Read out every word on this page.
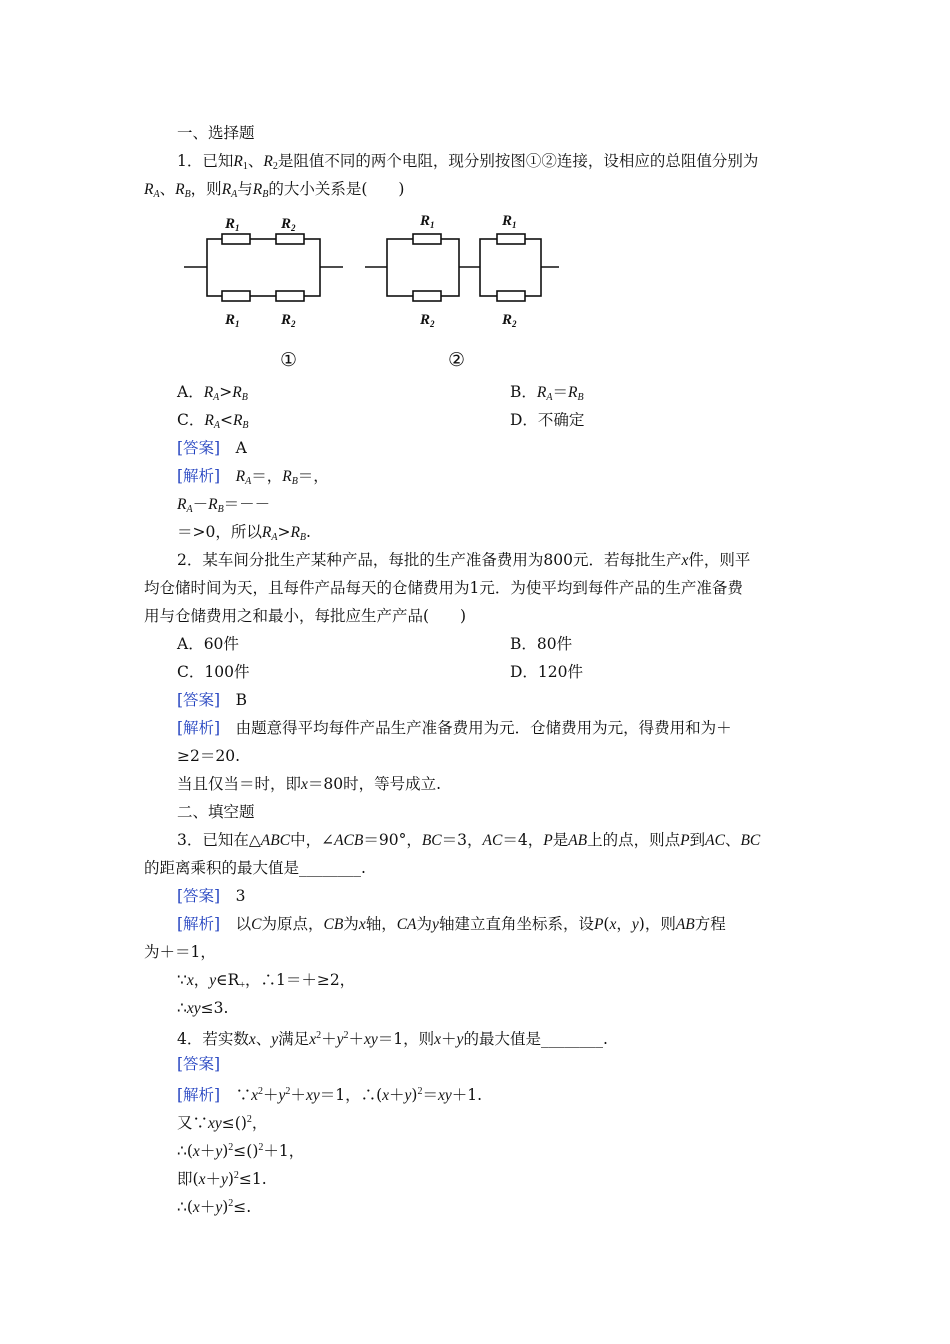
一、选择题
1．已知R1、R2是阻值不同的两个电阻，现分别按图①②连接，设相应的总阻值分别为
$R_A$、$R_B$，则$R_A$与$R_B$的大小关系是(　　)
$R_1$	$R_2$
$R_1$	$R_2$
$R_1$
$R_2$
$R_1$
$R_2$
①	②
A．$R_A>R_B$	B．$R_A=R_B$
C．$R_A<R_B$	D．不确定
[答案]　 A
[解析]　 $R_A=$，$R_B=$，
$R_A-R_B=--$
＝>0，所以$R_A>R_B$.
2．某车间分批生产某种产品，每批的生产准备费用为800元．若每批生产x件，则平
均仓储时间为天，且每件产品每天的仓储费用为1元．为使平均到每件产品的生产准备费
用与仓储费用之和最小，每批应生产产品(　　)
A．60件	B．80件
C．100件	D．120件
[答案]　 B
[解析]　由题意得平均每件产品生产准备费用为元．仓储费用为元，得费用和为＋
≥2＝20.
当且仅当＝时，即x＝80时，等号成立.
二、填空题
3．已知在△ABC中，∠ACB＝90°，BC＝3，AC＝4，P是AB上的点，则点P到AC、BC
的距离乘积的最大值是________.
[答案]　 3
[解析]　以C为原点，CB为x轴，CA为y轴建立直角坐标系，设P(x，y)，则AB方程
为＋＝1，
∵x，y∈R+，∴1＝＋≥2，
∴xy≤3.
4．若实数x、y满足$x^2+y^2+xy=1$，则x＋y的最大值是________.
[答案]
[解析]　$\because x^2+y^2+xy=1$，$\therefore(x+y)^2=xy+1$.
又∵xy≤()$^2$，
$\therefore(x+y)^2\le()^2+1$，
即$(x+y)^2\le 1$.
$\therefore(x+y)^2\le$.
